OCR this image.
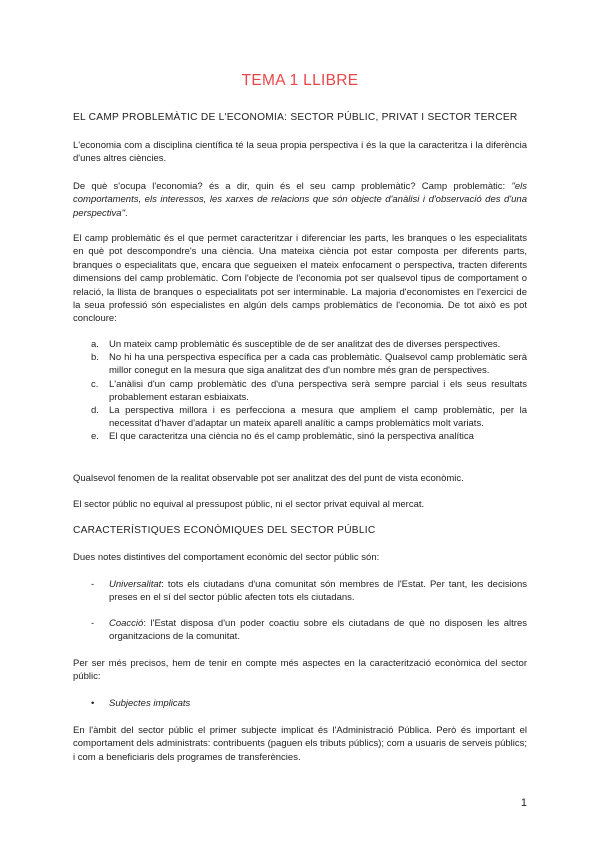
TEMA 1 LLIBRE
EL CAMP PROBLEMÀTIC DE L'ECONOMIA: SECTOR PÚBLIC, PRIVAT I SECTOR TERCER
L'economia com a disciplina científica té la seua propia perspectiva i és la que la caracteritza i la diferència d'unes altres ciències.
De què s'ocupa l'economia? és a dir, quin és el seu camp problemàtic? Camp problemàtic: "els comportaments, els interessos, les xarxes de relacions que són objecte d'anàlisi i d'observació des d'una perspectiva".
El camp problemàtic és el que permet caracteritzar i diferenciar les parts, les branques o les especialitats en què pot descompondre's una ciència. Una mateixa ciència pot estar composta per diferents parts, branques o especialitats que, encara que segueixen el mateix enfocament o perspectiva, tracten diferents dimensions del camp problemàtic. Com l'objecte de l'economia pot ser qualsevol tipus de comportament o relació, la llista de branques o especialitats pot ser interminable. La majoria d'economistes en l'exercici de la seua professió són especialistes en algún dels camps problemàtics de l'economia. De tot això es pot concloure:
a. Un mateix camp problemàtic és susceptible de de ser analitzat des de diverses perspectives.
b. No hi ha una perspectiva específica per a cada cas problemàtic. Qualsevol camp problemàtic serà millor conegut en la mesura que siga analitzat des d'un nombre més gran de perspectives.
c. L'anàlisi d'un camp problemàtic des d'una perspectiva serà sempre parcial i els seus resultats probablement estaran esbiaixats.
d. La perspectiva millora i es perfecciona a mesura que ampliem el camp problemàtic, per la necessitat d'haver d'adaptar un mateix aparell analític a camps problemàtics molt variats.
e. El que caracteritza una ciència no és el camp problemàtic, sinó la perspectiva analítica
Qualsevol fenomen de la realitat observable pot ser analitzat des del punt de vista econòmic.
El sector públic no equival al pressupost públic, ni el sector privat equival al mercat.
CARACTERÍSTIQUES ECONÒMIQUES DEL SECTOR PÚBLIC
Dues notes distintives del comportament econòmic del sector públic són:
- Universalitat: tots els ciutadans d'una comunitat són membres de l'Estat. Per tant, les decisions preses en el sí del sector públic afecten tots els ciutadans.
- Coacció: l'Estat disposa d'un poder coactiu sobre els ciutadans de què no disposen les altres organitzacions de la comunitat.
Per ser més precisos, hem de tenir en compte més aspectes en la caracterització econòmica del sector públic:
• Subjectes implicats
En l'àmbit del sector públic el primer subjecte implicat és l'Administració Pública. Però és important el comportament dels administrats: contribuents (paguen els tributs públics); com a usuaris de serveis públics; i com a beneficiaris dels programes de transferències.
1
